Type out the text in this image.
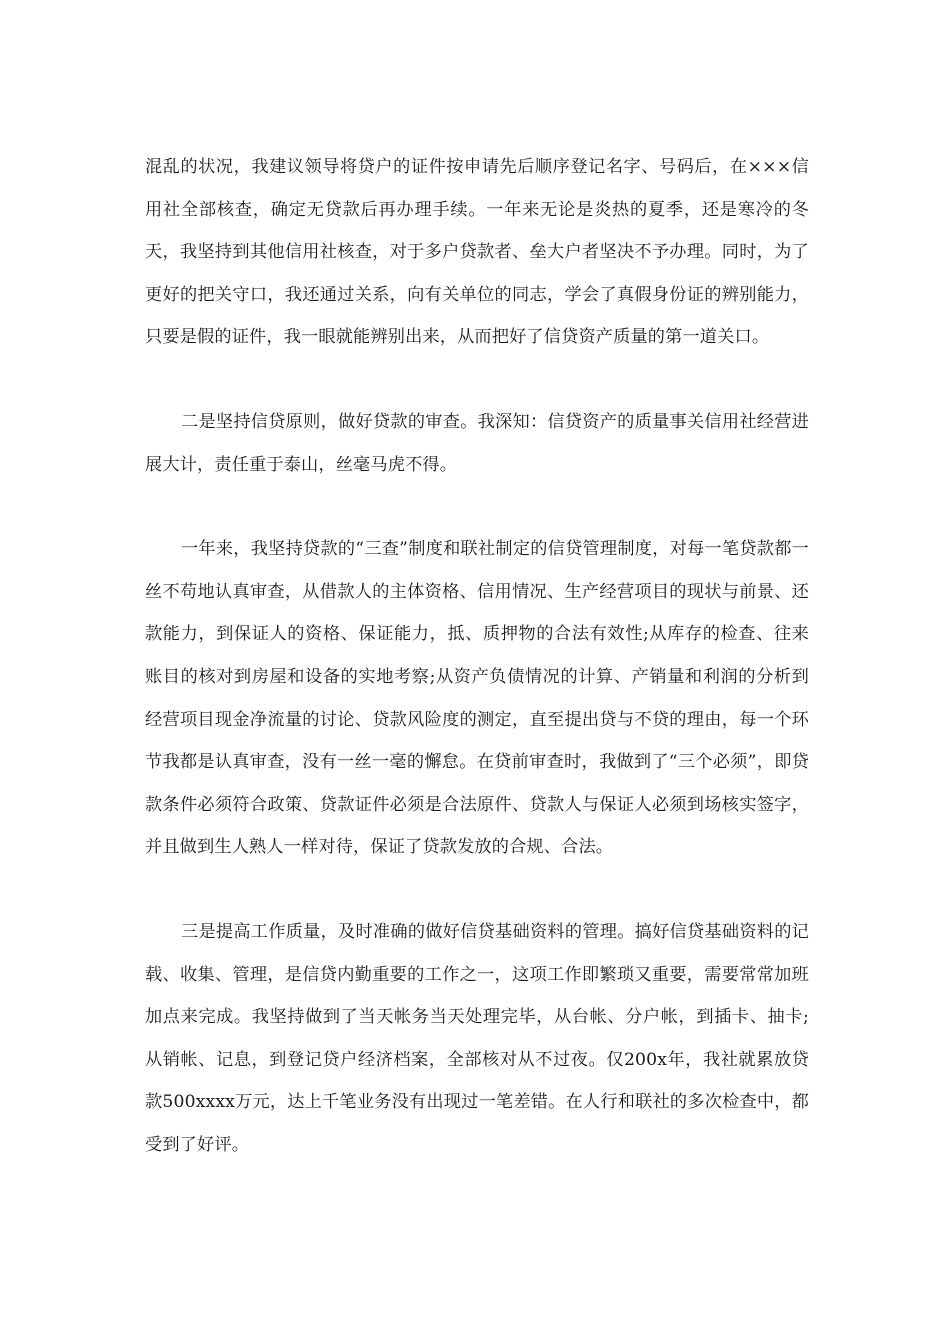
混乱的状况，我建议领导将贷户的证件按申请先后顺序登记名字、号码后，在×××信用社全部核查，确定无贷款后再办理手续。一年来无论是炎热的夏季，还是寒冷的冬天，我坚持到其他信用社核查，对于多户贷款者、垒大户者坚决不予办理。同时，为了更好的把关守口，我还通过关系，向有关单位的同志，学会了真假身份证的辨别能力，只要是假的证件，我一眼就能辨别出来，从而把好了信贷资产质量的第一道关口。

二是坚持信贷原则，做好贷款的审查。我深知：信贷资产的质量事关信用社经营进展大计，责任重于泰山，丝毫马虎不得。

一年来，我坚持贷款的“三查”制度和联社制定的信贷管理制度，对每一笔贷款都一丝不苟地认真审查，从借款人的主体资格、信用情况、生产经营项目的现状与前景、还款能力，到保证人的资格、保证能力，抵、质押物的合法有效性;从库存的检查、往来账目的核对到房屋和设备的实地考察;从资产负债情况的计算、产销量和利润的分析到经营项目现金净流量的讨论、贷款风险度的测定，直至提出贷与不贷的理由，每一个环节我都是认真审查，没有一丝一毫的懈怠。在贷前审查时，我做到了“三个必须”，即贷款条件必须符合政策、贷款证件必须是合法原件、贷款人与保证人必须到场核实签字，并且做到生人熟人一样对待，保证了贷款发放的合规、合法。

三是提高工作质量，及时准确的做好信贷基础资料的管理。搞好信贷基础资料的记载、收集、管理，是信贷内勤重要的工作之一，这项工作即繁琐又重要，需要常常加班加点来完成。我坚持做到了当天帐务当天处理完毕，从台帐、分户帐，到插卡、抽卡;从销帐、记息，到登记贷户经济档案，全部核对从不过夜。仅200x年，我社就累放贷款500xxxx万元，达上千笔业务没有出现过一笔差错。在人行和联社的多次检查中，都受到了好评。
